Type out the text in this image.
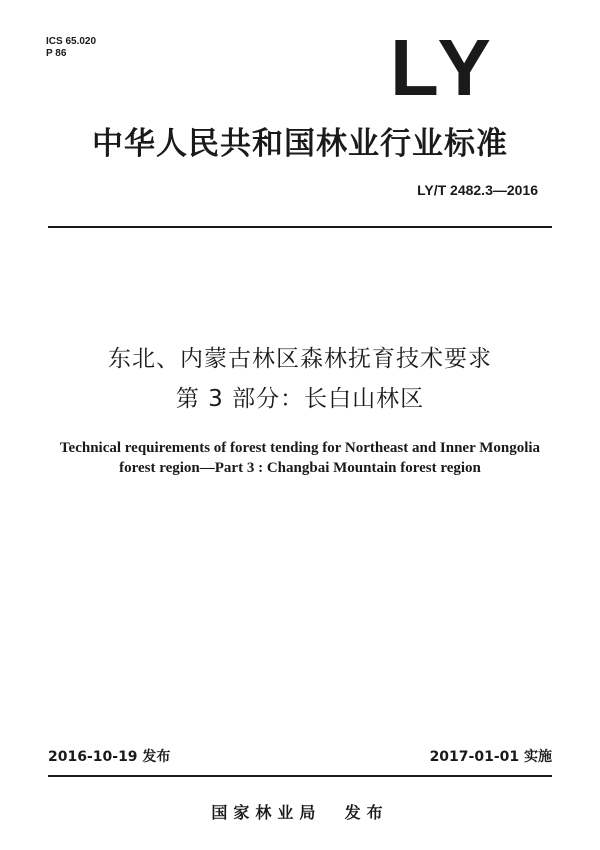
ICS 65.020
P 86	LY
中华人民共和国林业行业标准
LY/T 2482.3—2016
东北、内蒙古林区森林抚育技术要求
第 3 部分：长白山林区
Technical requirements of forest tending for Northeast and Inner Mongolia
forest region—Part 3 : Changbai Mountain forest region
2016-10-19 发布	2017-01-01 实施
国家林业局  发布
